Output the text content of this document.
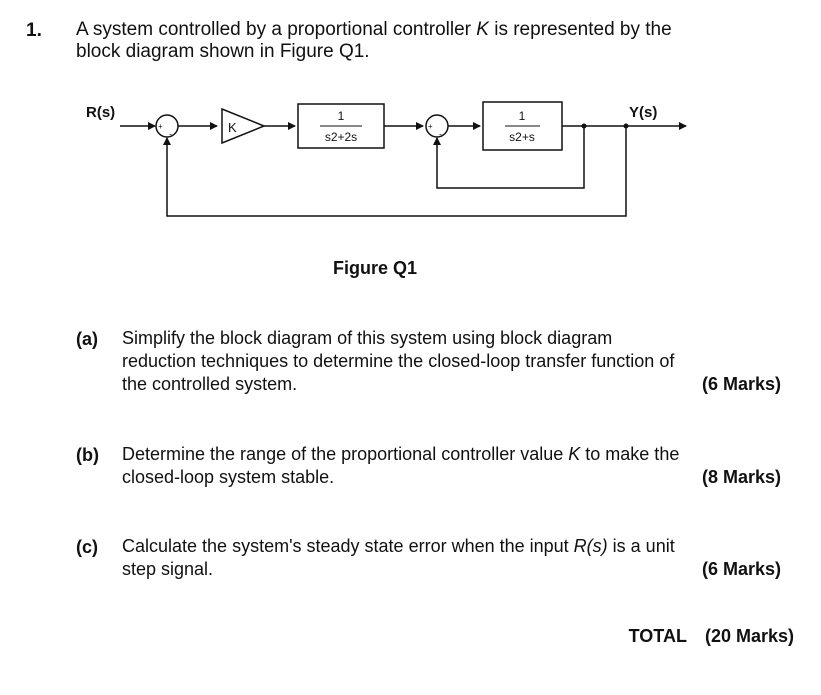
1. A system controlled by a proportional controller K is represented by the block diagram shown in Figure Q1.
R(s)	Y(s)
K
1
s2+2s
1
s2+s
+
-
+
-
Figure Q1
(a) Simplify the block diagram of this system using block diagram reduction techniques to determine the closed-loop transfer function of the controlled system.	(6 Marks)
(b) Determine the range of the proportional controller value K to make the closed-loop system stable.	(8 Marks)
(c) Calculate the system's steady state error when the input R(s) is a unit step signal.	(6 Marks)
TOTAL (20 Marks)
